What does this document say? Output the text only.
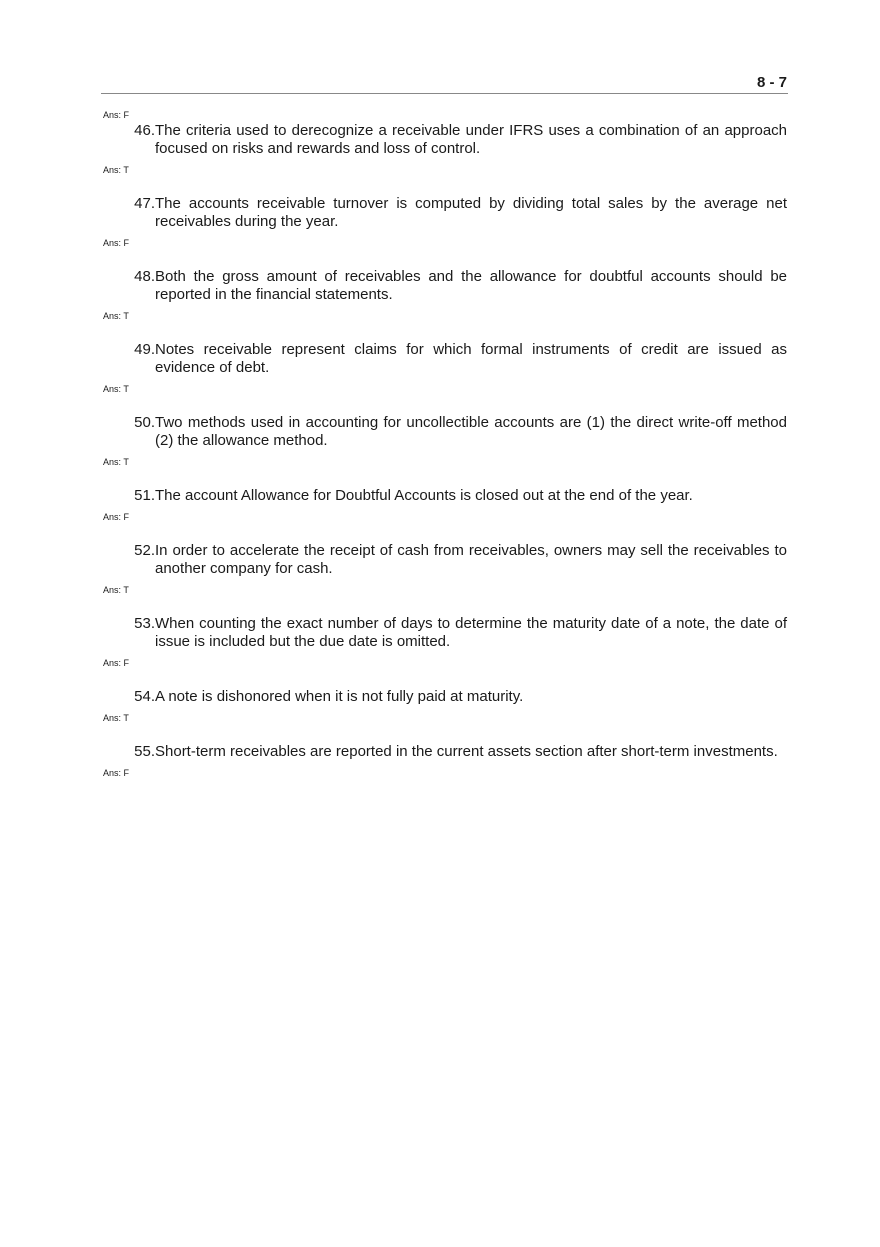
8 - 7

Ans: F

46. The criteria used to derecognize a receivable under IFRS uses a combination of an approach focused on risks and rewards and loss of control.

Ans: T

47. The accounts receivable turnover is computed by dividing total sales by the average net receivables during the year.

Ans: F

48. Both the gross amount of receivables and the allowance for doubtful accounts should be reported in the financial statements.

Ans: T

49. Notes receivable represent claims for which formal instruments of credit are issued as evidence of debt.

Ans: T

50. Two methods used in accounting for uncollectible accounts are (1) the direct write-off method (2) the allowance method.

Ans: T

51. The account Allowance for Doubtful Accounts is closed out at the end of the year.

Ans: F

52. In order to accelerate the receipt of cash from receivables, owners may sell the receivables to another company for cash.

Ans: T

53. When counting the exact number of days to determine the maturity date of a note, the date of issue is included but the due date is omitted.

Ans: F

54. A note is dishonored when it is not fully paid at maturity.

Ans: T

55. Short-term receivables are reported in the current assets section after short-term investments.

Ans: F
